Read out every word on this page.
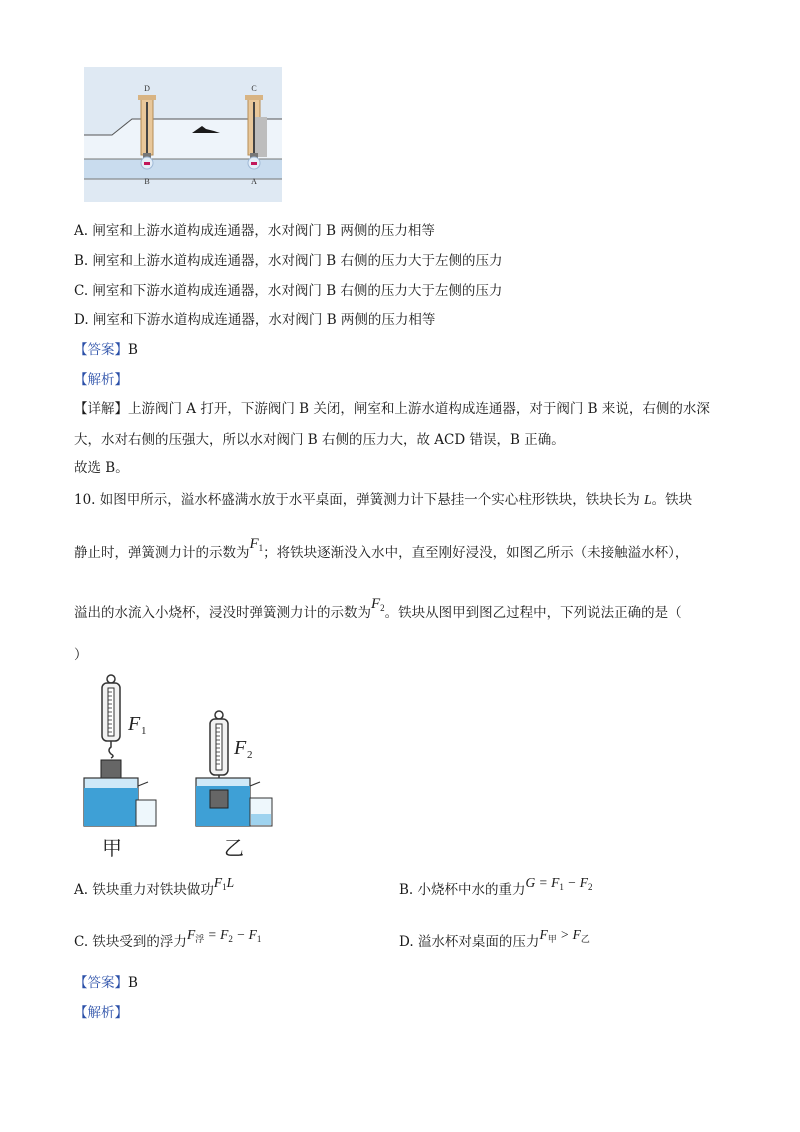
D	C
B	A
A. 闸室和上游水道构成连通器，水对阀门 B 两侧的压力相等
B. 闸室和上游水道构成连通器，水对阀门 B 右侧的压力大于左侧的压力
C. 闸室和下游水道构成连通器，水对阀门 B 右侧的压力大于左侧的压力
D. 闸室和下游水道构成连通器，水对阀门 B 两侧的压力相等
【答案】B
【解析】
【详解】上游阀门 A 打开，下游阀门 B 关闭，闸室和上游水道构成连通器，对于阀门 B 来说，右侧的水深
大，水对右侧的压强大，所以水对阀门 B 右侧的压力大，故 ACD 错误，B 正确。
故选 B。
10. 如图甲所示，溢水杯盛满水放于水平桌面，弹簧测力计下悬挂一个实心柱形铁块，铁块长为 L。铁块
静止时，弹簧测力计的示数为$F_1$；将铁块逐渐没入水中，直至刚好浸没，如图乙所示（未接触溢水杯），
溢出的水流入小烧杯，浸没时弹簧测力计的示数为$F_2$。铁块从图甲到图乙过程中，下列说法正确的是（
）
F 1
F 2
甲	乙
A. 铁块重力对铁块做功$F_1L$	B. 小烧杯中水的重力$G = F_1 - F_2$
C. 铁块受到的浮力$F_浮 = F_2 - F_1$	D. 溢水杯对桌面的压力$F_甲 > F_乙$
【答案】B
【解析】
